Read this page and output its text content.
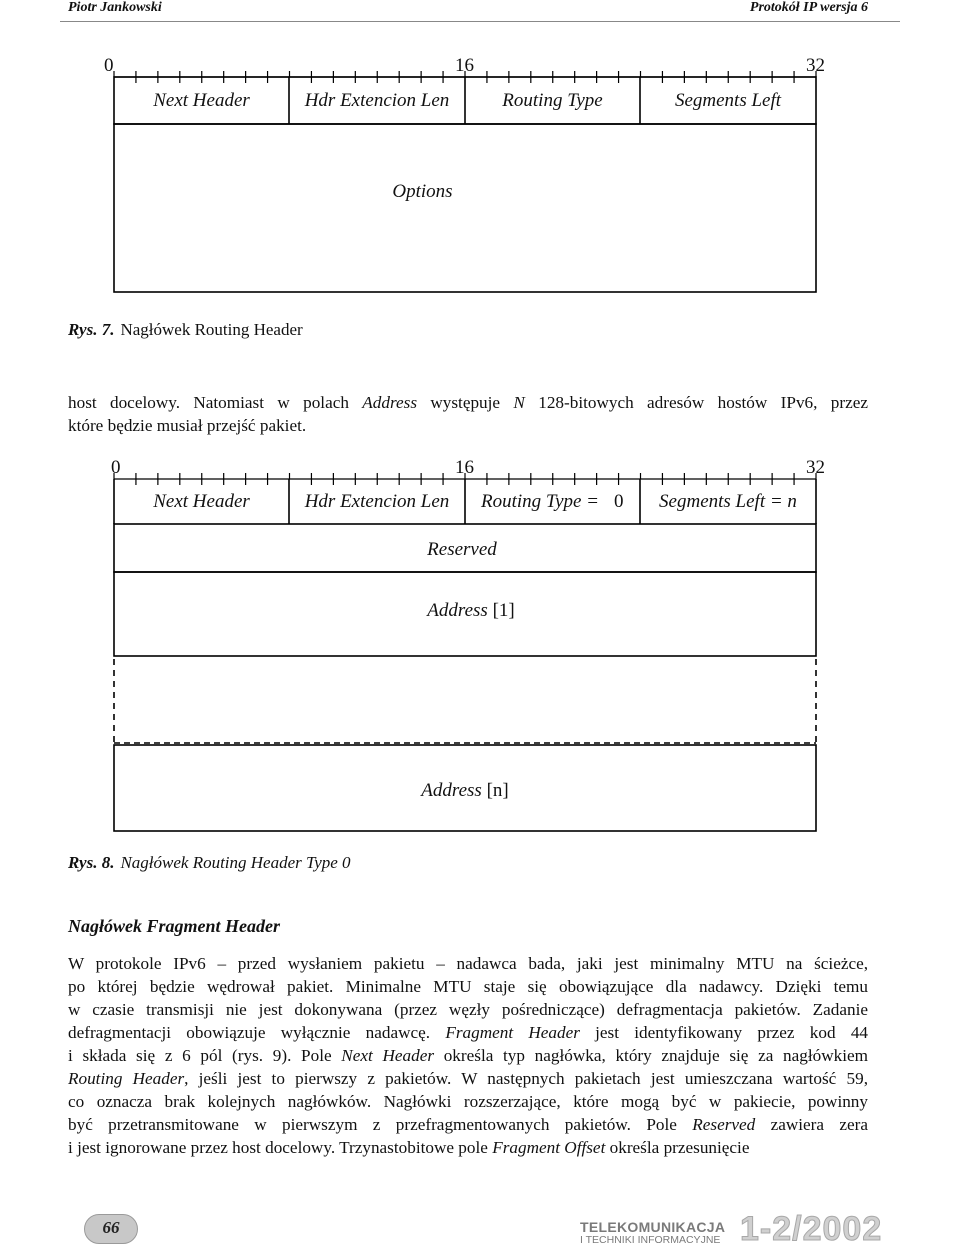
Piotr Jankowski	Protokół IP wersja 6
0	16	32
Next Header	Hdr Extencion Len	Routing Type	Segments Left
Options
Rys. 7. Nagłówek Routing Header
host docelowy. Natomiast w polach Address występuje N 128-bitowych adresów hostów IPv6, przez
które będzie musiał przejść pakiet.
0	16	32
Next Header	Hdr Extencion Len	Routing Type = 0	Segments Left = n
Reserved
Address [1]
Address [n]
Rys. 8. Nagłówek Routing Header Type 0
Nagłówek Fragment Header
W protokole IPv6 – przed wysłaniem pakietu – nadawca bada, jaki jest minimalny MTU na ścieżce,
po której będzie wędrował pakiet. Minimalne MTU staje się obowiązujące dla nadawcy. Dzięki temu
w czasie transmisji nie jest dokonywana (przez węzły pośredniczące) defragmentacja pakietów. Zadanie
defragmentacji obowiązuje wyłącznie nadawcę. Fragment Header jest identyfikowany przez kod 44
i składa się z 6 pól (rys. 9). Pole Next Header określa typ nagłówka, który znajduje się za nagłówkiem
Routing Header, jeśli jest to pierwszy z pakietów. W następnych pakietach jest umieszczana wartość 59,
co oznacza brak kolejnych nagłówków. Nagłówki rozszerzające, które mogą być w pakiecie, powinny
być przetransmitowane w pierwszym z przefragmentowanych pakietów. Pole Reserved zawiera zera
i jest ignorowane przez host docelowy. Trzynastobitowe pole Fragment Offset określa przesunięcie
66	TELEKOMUNIKACJA
I TECHNIKI INFORMACYJNE 1-2/2002
